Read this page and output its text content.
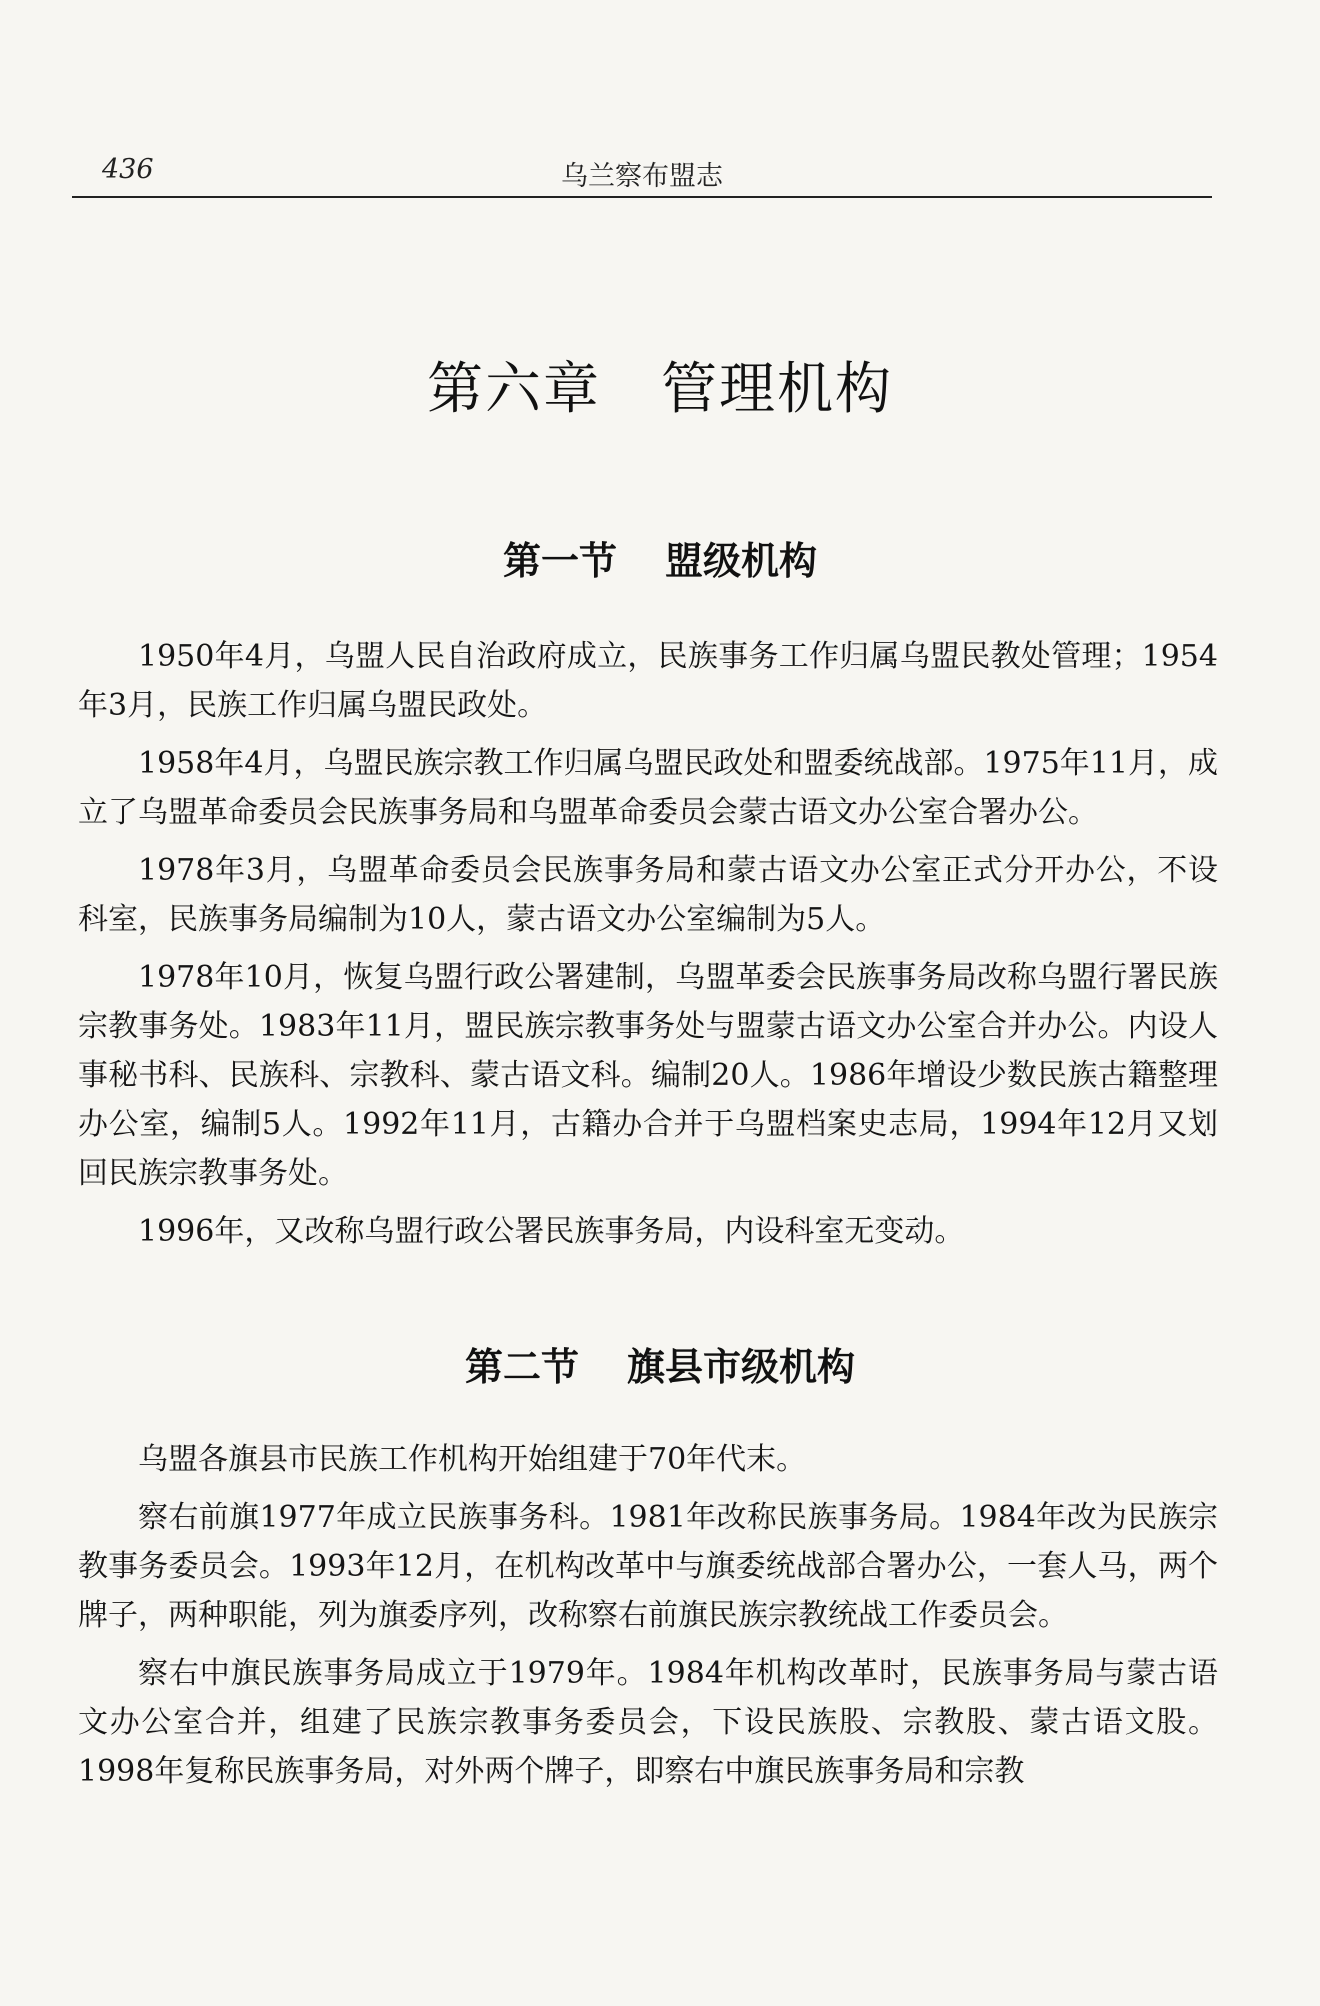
436	乌兰察布盟志
第六章 管理机构
第一节 盟级机构

1950年4月，乌盟人民自治政府成立，民族事务工作归属乌盟民教处管理；1954年3月，民族工作归属乌盟民政处。

1958年4月，乌盟民族宗教工作归属乌盟民政处和盟委统战部。1975年11月，成立了乌盟革命委员会民族事务局和乌盟革命委员会蒙古语文办公室合署办公。

1978年3月，乌盟革命委员会民族事务局和蒙古语文办公室正式分开办公，不设科室，民族事务局编制为10人，蒙古语文办公室编制为5人。

1978年10月，恢复乌盟行政公署建制，乌盟革委会民族事务局改称乌盟行署民族宗教事务处。1983年11月，盟民族宗教事务处与盟蒙古语文办公室合并办公。内设人事秘书科、民族科、宗教科、蒙古语文科。编制20人。1986年增设少数民族古籍整理办公室，编制5人。1992年11月，古籍办合并于乌盟档案史志局，1994年12月又划回民族宗教事务处。

1996年，又改称乌盟行政公署民族事务局，内设科室无变动。

第二节 旗县市级机构

乌盟各旗县市民族工作机构开始组建于70年代末。

察右前旗1977年成立民族事务科。1981年改称民族事务局。1984年改为民族宗教事务委员会。1993年12月，在机构改革中与旗委统战部合署办公，一套人马，两个牌子，两种职能，列为旗委序列，改称察右前旗民族宗教统战工作委员会。

察右中旗民族事务局成立于1979年。1984年机构改革时，民族事务局与蒙古语文办公室合并，组建了民族宗教事务委员会，下设民族股、宗教股、蒙古语文股。1998年复称民族事务局，对外两个牌子，即察右中旗民族事务局和宗教
